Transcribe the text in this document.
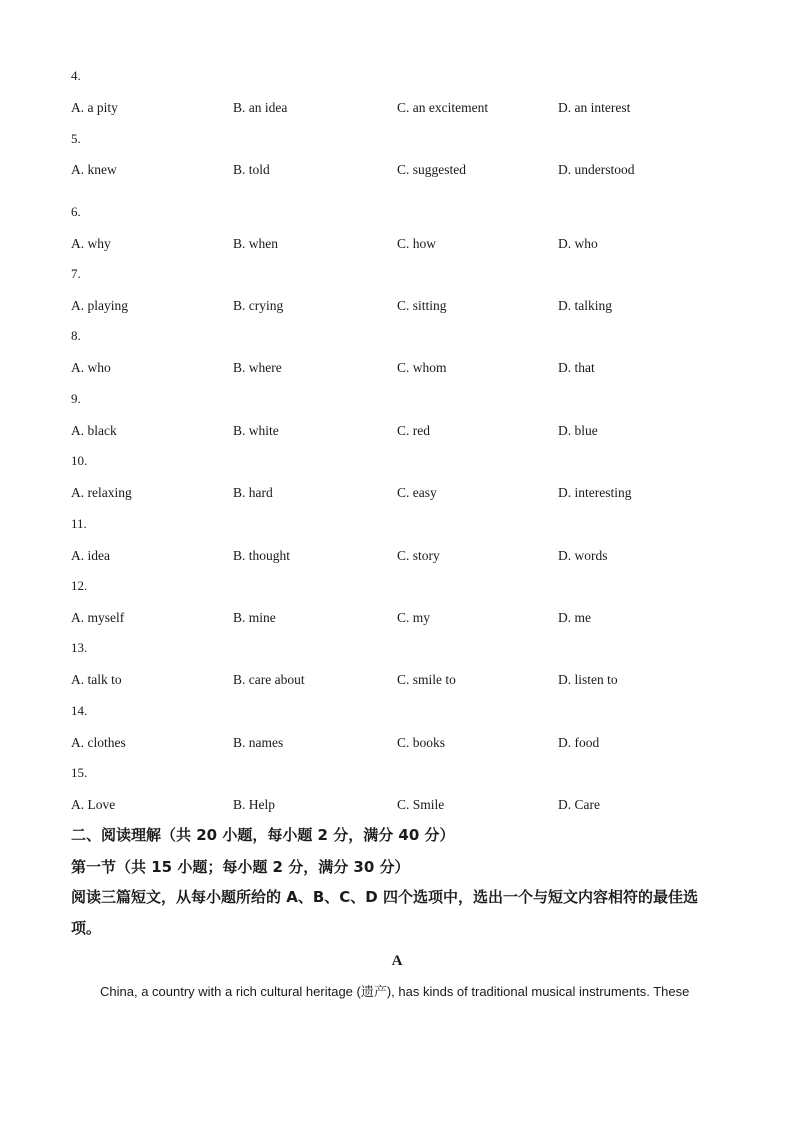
4.
A. a pity	B. an idea	C. an excitement	D. an interest
5.
A. knew	B. told	C. suggested	D. understood
6.
A. why	B. when	C. how	D. who
7.
A. playing	B. crying	C. sitting	D. talking
8.
A. who	B. where	C. whom	D. that
9.
A. black	B. white	C. red	D. blue
10.
A. relaxing	B. hard	C. easy	D. interesting
11.
A. idea	B. thought	C. story	D. words
12.
A. myself	B. mine	C. my	D. me
13.
A. talk to	B. care about	C. smile to	D. listen to
14.
A. clothes	B. names	C. books	D. food
15.
A. Love	B. Help	C. Smile	D. Care
二、阅读理解（共 20 小题，每小题 2 分，满分 40 分）
第一节（共 15 小题；每小题 2 分，满分 30 分）
阅读三篇短文，从每小题所给的 A、B、C、D 四个选项中，选出一个与短文内容相符的最佳选项。
A
China, a country with a rich cultural heritage (遗产), has kinds of traditional musical instruments. These
